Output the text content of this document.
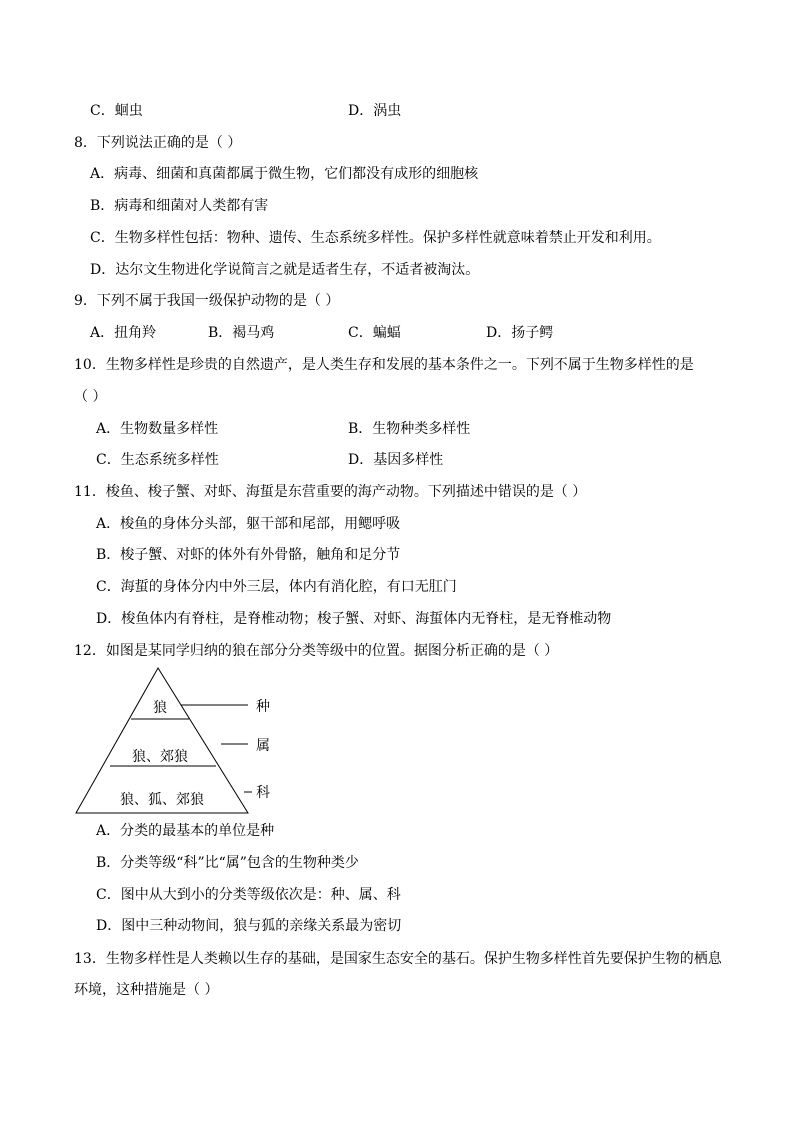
C．蛔虫	D．涡虫
8．下列说法正确的是（ ）
A．病毒、细菌和真菌都属于微生物，它们都没有成形的细胞核
B．病毒和细菌对人类都有害
C．生物多样性包括：物种、遗传、生态系统多样性。保护多样性就意味着禁止开发和利用。
D．达尔文生物进化学说简言之就是适者生存，不适者被淘汰。
9．下列不属于我国一级保护动物的是（ ）
A．扭角羚	B．褐马鸡	C．蝙蝠	D．扬子鳄
10．生物多样性是珍贵的自然遗产，是人类生存和发展的基本条件之一。下列不属于生物多样性的是
（ ）
A．生物数量多样性	B．生物种类多样性
C．生态系统多样性	D．基因多样性
11．梭鱼、梭子蟹、对虾、海蜇是东营重要的海产动物。下列描述中错误的是（ ）
A．梭鱼的身体分头部，躯干部和尾部，用鳃呼吸
B．梭子蟹、对虾的体外有外骨骼，触角和足分节
C．海蜇的身体分内中外三层，体内有消化腔，有口无肛门
D．梭鱼体内有脊柱，是脊椎动物；梭子蟹、对虾、海蜇体内无脊柱，是无脊椎动物
12．如图是某同学归纳的狼在部分分类等级中的位置。据图分析正确的是（ ）
狼
狼、郊狼
狼、狐、郊狼
种
属
科
A．分类的最基本的单位是种
B．分类等级“科”比“属”包含的生物种类少
C．图中从大到小的分类等级依次是：种、属、科
D．图中三种动物间，狼与狐的亲缘关系最为密切
13．生物多样性是人类赖以生存的基础，是国家生态安全的基石。保护生物多样性首先要保护生物的栖息
环境，这种措施是（ ）
